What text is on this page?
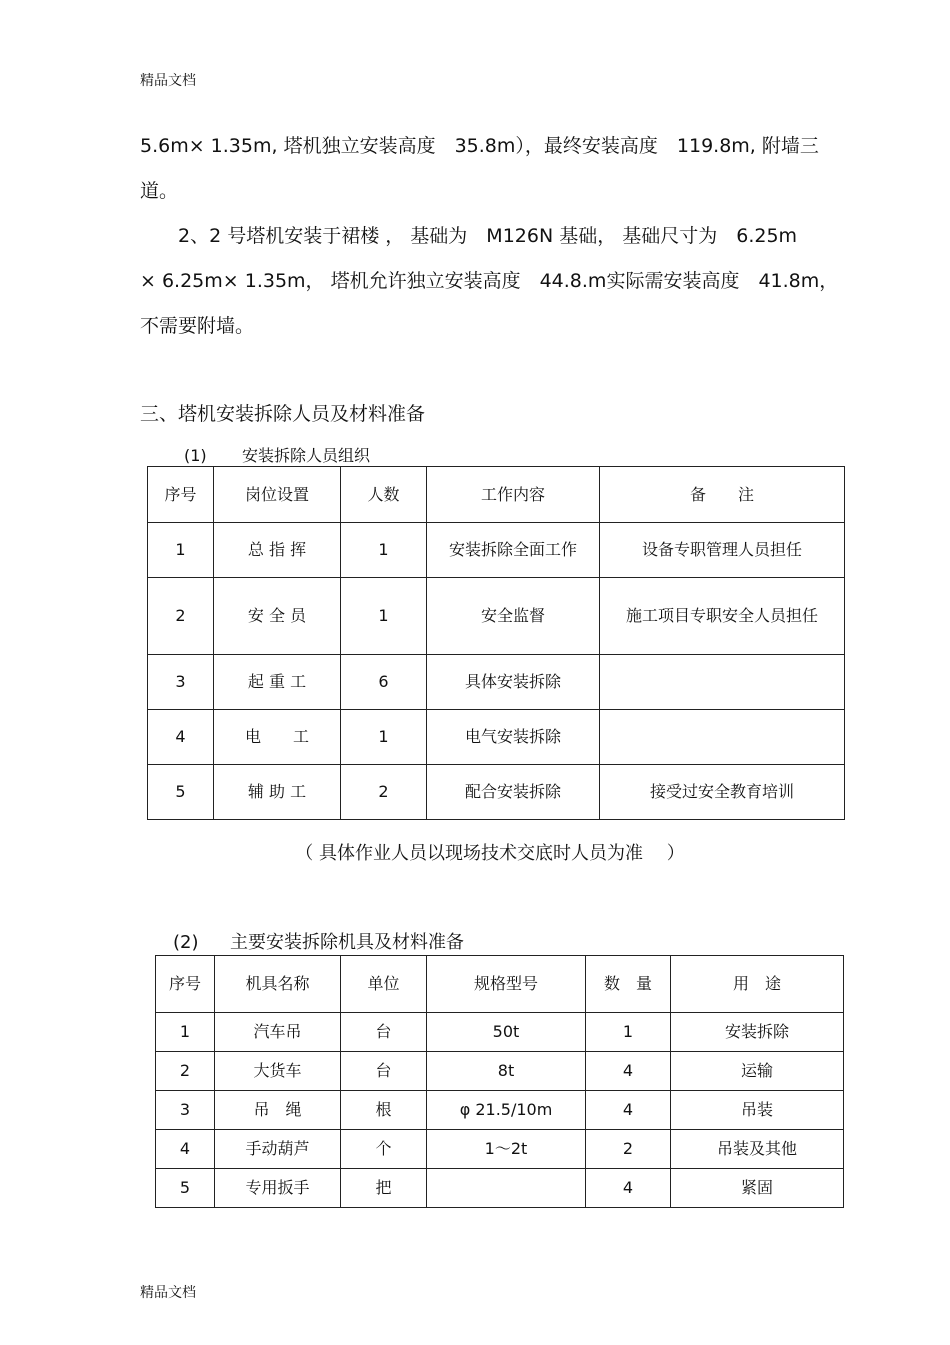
精品文档
5.6m× 1.35m, 塔机独立安装高度　35.8m），最终安装高度　119.8m, 附墙三
道。
　　2、2 号塔机安装于裙楼 ， 基础为　M126N 基础， 基础尺寸为　6.25m
× 6.25m× 1.35m， 塔机允许独立安装高度　44.8.m实际需安装高度　41.8m，
不需要附墙。
三、塔机安装拆除人员及材料准备
(1) 安装拆除人员组织
序号	岗位设置	人数	工作内容	备　　注
1	总 指 挥	1	安装拆除全面工作	设备专职管理人员担任
2	安 全 员	1	安全监督	施工项目专职安全人员担任
3	起 重 工	6	具体安装拆除	
4	电　　工	1	电气安装拆除	
5	辅 助 工	2	配合安装拆除	接受过安全教育培训
（ 具体作业人员以现场技术交底时人员为准　 ）
(2) 主要安装拆除机具及材料准备
序号	机具名称	单位	规格型号	数　量	用　途
1	汽车吊	台	50t	1	安装拆除
2	大货车	台	8t	4	运输
3	吊　绳	根	φ 21.5/10m	4	吊装
4	手动葫芦	个	1～2t	2	吊装及其他
5	专用扳手	把		4	紧固
精品文档
